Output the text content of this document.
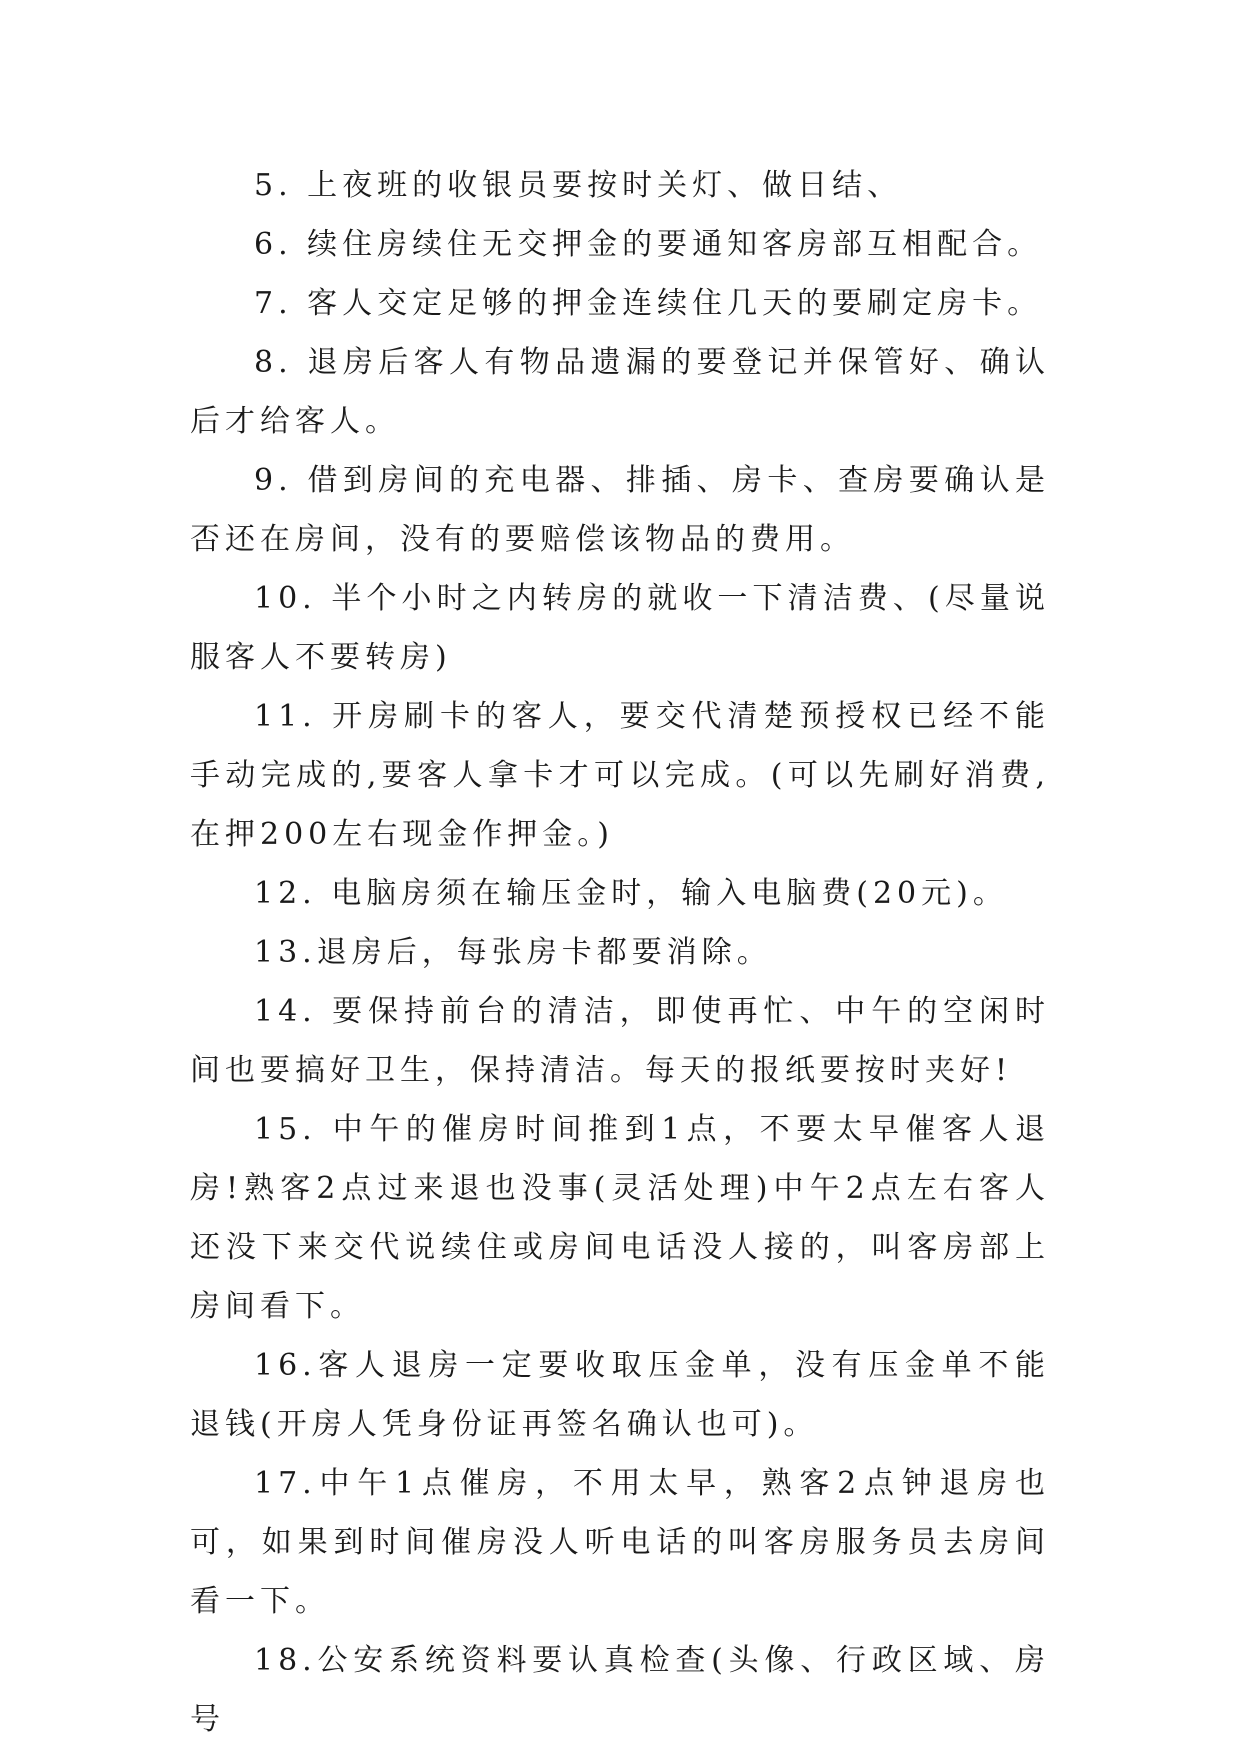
5. 上夜班的收银员要按时关灯、做日结、

6. 续住房续住无交押金的要通知客房部互相配合。

7. 客人交定足够的押金连续住几天的要刷定房卡。

8. 退房后客人有物品遗漏的要登记并保管好、确认后才给客人。

9. 借到房间的充电器、排插、房卡、查房要确认是否还在房间，没有的要赔偿该物品的费用。

10. 半个小时之内转房的就收一下清洁费、(尽量说服客人不要转房)

11. 开房刷卡的客人，要交代清楚预授权已经不能手动完成的,要客人拿卡才可以完成。(可以先刷好消费,在押200左右现金作押金。)

12. 电脑房须在输压金时，输入电脑费(20元)。

13.退房后，每张房卡都要消除。

14. 要保持前台的清洁，即使再忙、中午的空闲时间也要搞好卫生，保持清洁。每天的报纸要按时夹好!

15. 中午的催房时间推到1点，不要太早催客人退房!熟客2点过来退也没事(灵活处理)中午2点左右客人还没下来交代说续住或房间电话没人接的，叫客房部上房间看下。

16.客人退房一定要收取压金单，没有压金单不能退钱(开房人凭身份证再签名确认也可)。

17.中午1点催房，不用太早，熟客2点钟退房也可，如果到时间催房没人听电话的叫客房服务员去房间看一下。

18.公安系统资料要认真检查(头像、行政区域、房号
